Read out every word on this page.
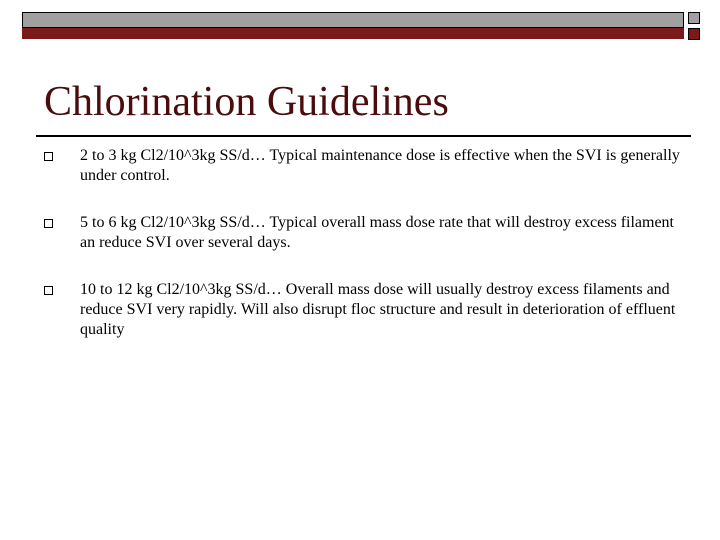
Chlorination Guidelines
2 to 3 kg Cl2/10^3kg SS/d… Typical maintenance dose is effective when the SVI is generally under control.
5 to 6 kg Cl2/10^3kg SS/d… Typical overall mass dose rate that will destroy excess filament an reduce SVI over several days.
10 to 12 kg Cl2/10^3kg SS/d… Overall mass dose will usually destroy excess filaments and reduce SVI very rapidly. Will also disrupt floc structure and result in deterioration of effluent quality
